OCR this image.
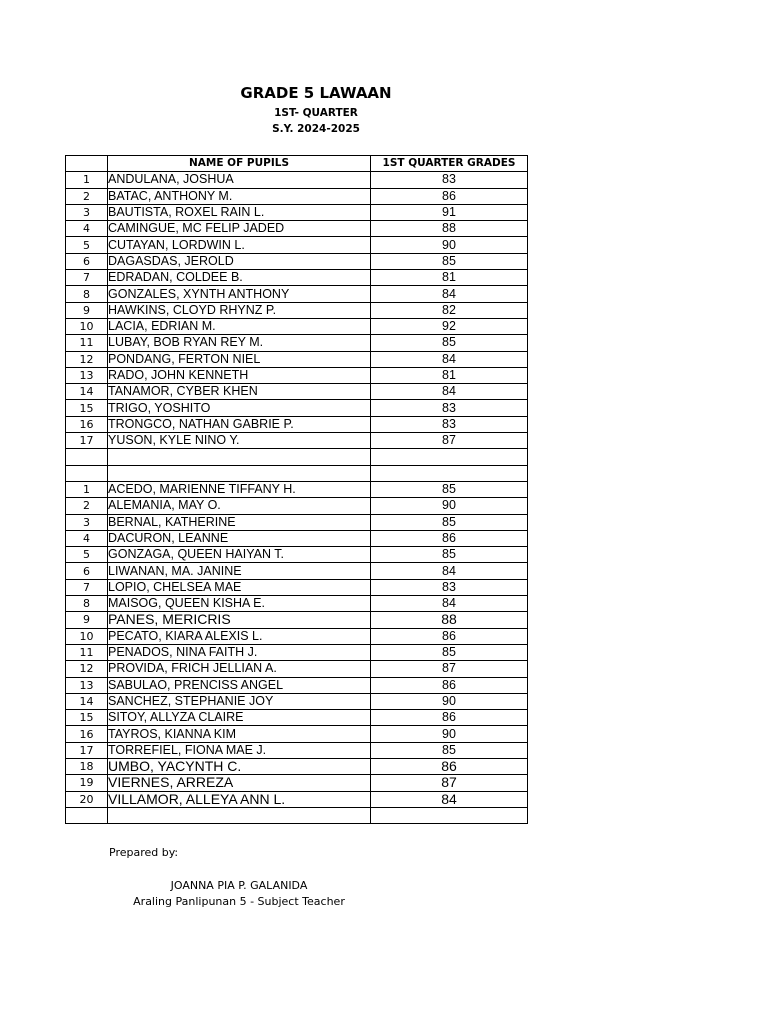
GRADE 5 LAWAAN
1ST- QUARTER
S.Y. 2024-2025
	NAME OF PUPILS	1ST QUARTER GRADES
1	ANDULANA, JOSHUA	83
2	BATAC, ANTHONY M.	86
3	BAUTISTA, ROXEL RAIN L.	91
4	CAMINGUE, MC FELIP JADED	88
5	CUTAYAN, LORDWIN L.	90
6	DAGASDAS, JEROLD	85
7	EDRADAN, COLDEE B.	81
8	GONZALES, XYNTH ANTHONY	84
9	HAWKINS, CLOYD RHYNZ P.	82
10	LACIA, EDRIAN M.	92
11	LUBAY, BOB RYAN REY M.	85
12	PONDANG, FERTON NIEL	84
13	RADO, JOHN KENNETH	81
14	TANAMOR, CYBER KHEN	84
15	TRIGO, YOSHITO	83
16	TRONGCO, NATHAN GABRIE P.	83
17	YUSON, KYLE NINO Y.	87

1	ACEDO, MARIENNE TIFFANY H.	85
2	ALEMANIA, MAY O.	90
3	BERNAL, KATHERINE	85
4	DACURON, LEANNE	86
5	GONZAGA, QUEEN HAIYAN T.	85
6	LIWANAN, MA. JANINE	84
7	LOPIO, CHELSEA MAE	83
8	MAISOG, QUEEN KISHA E.	84
9	PANES, MERICRIS	88
10	PECATO, KIARA ALEXIS L.	86
11	PENADOS, NINA FAITH J.	85
12	PROVIDA, FRICH JELLIAN A.	87
13	SABULAO, PRENCISS ANGEL	86
14	SANCHEZ, STEPHANIE JOY	90
15	SITOY, ALLYZA CLAIRE	86
16	TAYROS, KIANNA KIM	90
17	TORREFIEL, FIONA MAE J.	85
18	UMBO, YACYNTH C.	86
19	VIERNES, ARREZA	87
20	VILLAMOR, ALLEYA ANN L.	84

Prepared by:
JOANNA PIA P. GALANIDA
Araling Panlipunan 5 - Subject Teacher
